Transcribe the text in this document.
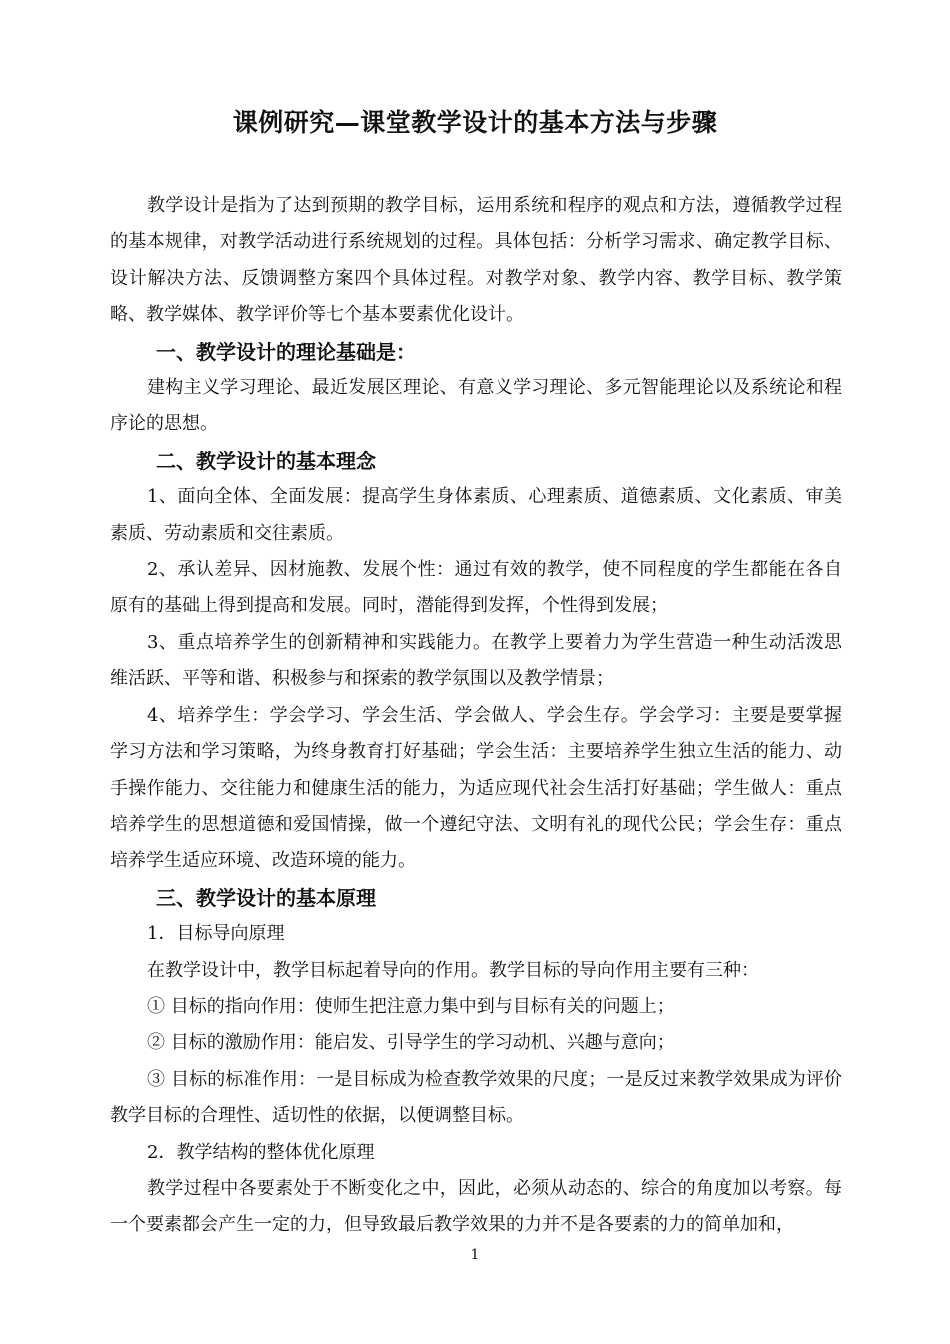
课例研究—课堂教学设计的基本方法与步骤

教学设计是指为了达到预期的教学目标，运用系统和程序的观点和方法，遵循教学过程的基本规律，对教学活动进行系统规划的过程。具体包括：分析学习需求、确定教学目标、设计解决方法、反馈调整方案四个具体过程。对教学对象、教学内容、教学目标、教学策略、教学媒体、教学评价等七个基本要素优化设计。

一、教学设计的理论基础是：

建构主义学习理论、最近发展区理论、有意义学习理论、多元智能理论以及系统论和程序论的思想。

二、教学设计的基本理念

1、面向全体、全面发展：提高学生身体素质、心理素质、道德素质、文化素质、审美素质、劳动素质和交往素质。

2、承认差异、因材施教、发展个性：通过有效的教学，使不同程度的学生都能在各自原有的基础上得到提高和发展。同时，潜能得到发挥，个性得到发展；

3、重点培养学生的创新精神和实践能力。在教学上要着力为学生营造一种生动活泼思维活跃、平等和谐、积极参与和探索的教学氛围以及教学情景；

4、培养学生：学会学习、学会生活、学会做人、学会生存。学会学习：主要是要掌握学习方法和学习策略，为终身教育打好基础；学会生活：主要培养学生独立生活的能力、动手操作能力、交往能力和健康生活的能力，为适应现代社会生活打好基础；学生做人：重点培养学生的思想道德和爱国情操，做一个遵纪守法、文明有礼的现代公民；学会生存：重点培养学生适应环境、改造环境的能力。

三、教学设计的基本原理

1．目标导向原理

在教学设计中，教学目标起着导向的作用。教学目标的导向作用主要有三种：

① 目标的指向作用：使师生把注意力集中到与目标有关的问题上；

② 目标的激励作用：能启发、引导学生的学习动机、兴趣与意向；

③ 目标的标准作用：一是目标成为检查教学效果的尺度；一是反过来教学效果成为评价教学目标的合理性、适切性的依据，以便调整目标。

2．教学结构的整体优化原理

教学过程中各要素处于不断变化之中，因此，必须从动态的、综合的角度加以考察。每一个要素都会产生一定的力，但导致最后教学效果的力并不是各要素的力的简单加和，

1
